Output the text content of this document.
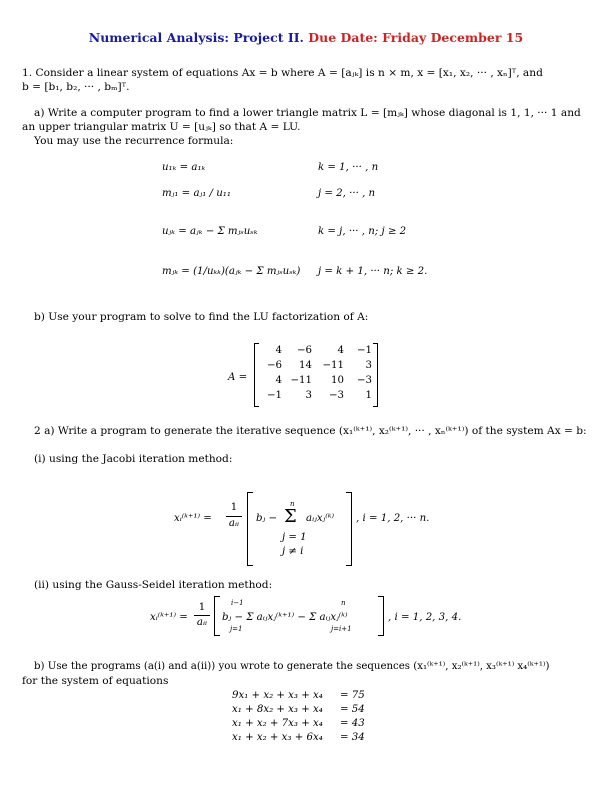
Numerical Analysis: Project II. Due Date: Friday December 15
1. Consider a linear system of equations Ax = b where A = [aⱼₖ] is n × m, x = [x₁, x₂, ··· , xₙ]ᵀ, and
b = [b₁, b₂, ··· , bₘ]ᵀ.
a) Write a computer program to find a lower triangle matrix L = [mⱼₖ] whose diagonal is 1, 1, ··· 1 and
an upper triangular matrix U = [uⱼₖ] so that A = LU.
You may use the recurrence formula:
u₁ₖ = a₁ₖ	k = 1, ··· , n
mⱼ₁ = aⱼ₁ / u₁₁	j = 2, ··· , n
uⱼₖ = aⱼₖ − Σ mⱼₛuₛₖ	k = j, ··· , n; j ≥ 2
mⱼₖ = (1/uₖₖ)(aⱼₖ − Σ mⱼₛuₛₖ) j = k + 1, ··· n; k ≥ 2.
b) Use your program to solve to find the LU factorization of A:
A =
4	−6	4	−1
−6	14	−11	3
4 −11	10	−3
−1	3	−3	1
2 a) Write a program to generate the iterative sequence (x₁⁽ᵏ⁺¹⁾, x₂⁽ᵏ⁺¹⁾, ··· , xₙ⁽ᵏ⁺¹⁾) of the system Ax = b:
(i) using the Jacobi iteration method:
xᵢ⁽ᵏ⁺¹⁾ =
1
aᵢᵢ bⱼ −
n
Σ aᵢⱼxⱼ⁽ᵏ⁾
j = 1
j ≠ i
, i = 1, 2, ··· n.
(ii) using the Gauss-Seidel iteration method:
xᵢ⁽ᵏ⁺¹⁾ =
1
aᵢᵢ
i−1
j=1
n
j=i+1
bⱼ − Σ aᵢⱼxⱼ⁽ᵏ⁺¹⁾ − Σ aᵢⱼxⱼ⁽ᵏ⁾	, i = 1, 2, 3, 4.
b) Use the programs (a(i) and a(ii)) you wrote to generate the sequences (x₁⁽ᵏ⁺¹⁾, x₂⁽ᵏ⁺¹⁾, x₃⁽ᵏ⁺¹⁾ x₄⁽ᵏ⁺¹⁾)
for the system of equations
9x₁ + x₂ + x₃ + x₄ = 75
x₁ + 8x₂ + x₃ + x₄ = 54
x₁ + x₂ + 7x₃ + x₄ = 43
x₁ + x₂ + x₃ + 6x₄ = 34
